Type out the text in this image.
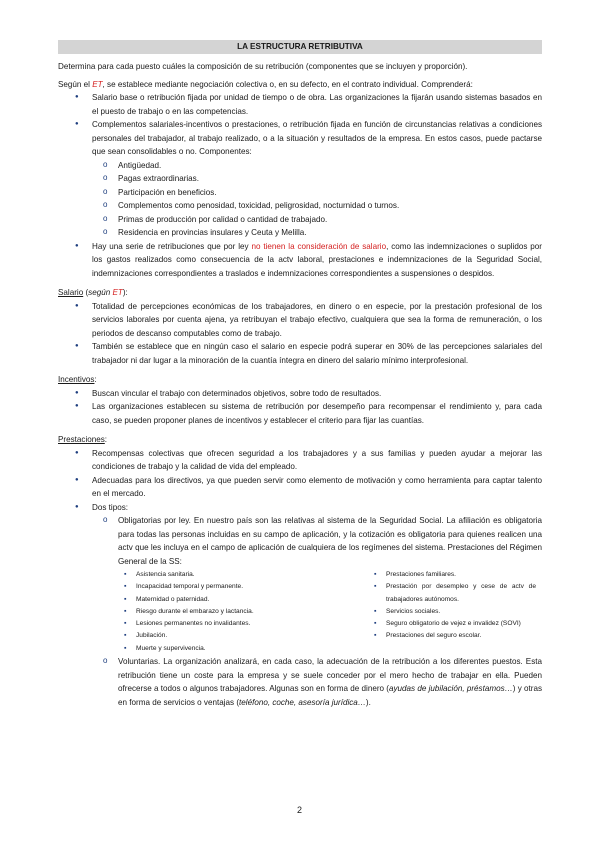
LA ESTRUCTURA RETRIBUTIVA

Determina para cada puesto cuáles la composición de su retribución (componentes que se incluyen y proporción).

Según el ET, se establece mediante negociación colectiva o, en su defecto, en el contrato individual. Comprenderá:

● Salario base o retribución fijada por unidad de tiempo o de obra. Las organizaciones la fijarán usando sistemas basados en el puesto de trabajo o en las competencias.
● Complementos salariales-incentivos o prestaciones, o retribución fijada en función de circunstancias relativas a condiciones personales del trabajador, al trabajo realizado, o a la situación y resultados de la empresa. En estos casos, puede pactarse que sean consolidables o no. Componentes:
o Antigüedad.
o Pagas extraordinarias.
o Participación en beneficios.
o Complementos como penosidad, toxicidad, peligrosidad, nocturnidad o turnos.
o Primas de producción por calidad o cantidad de trabajado.
o Residencia en provincias insulares y Ceuta y Melilla.
● Hay una serie de retribuciones que por ley no tienen la consideración de salario, como las indemnizaciones o suplidos por los gastos realizados como consecuencia de la actv laboral, prestaciones e indemnizaciones de la Seguridad Social, indemnizaciones correspondientes a traslados e indemnizaciones correspondientes a suspensiones o despidos.

Salario (según ET):

● Totalidad de percepciones económicas de los trabajadores, en dinero o en especie, por la prestación profesional de los servicios laborales por cuenta ajena, ya retribuyan el trabajo efectivo, cualquiera que sea la forma de remuneración, o los periodos de descanso computables como de trabajo.
● También se establece que en ningún caso el salario en especie podrá superar en 30% de las percepciones salariales del trabajador ni dar lugar a la minoración de la cuantía íntegra en dinero del salario mínimo interprofesional.

Incentivos:

● Buscan vincular el trabajo con determinados objetivos, sobre todo de resultados.
● Las organizaciones establecen su sistema de retribución por desempeño para recompensar el rendimiento y, para cada caso, se pueden proponer planes de incentivos y establecer el criterio para fijar las cuantías.

Prestaciones:

● Recompensas colectivas que ofrecen seguridad a los trabajadores y a sus familias y pueden ayudar a mejorar las condiciones de trabajo y la calidad de vida del empleado.
● Adecuadas para los directivos, ya que pueden servir como elemento de motivación y como herramienta para captar talento en el mercado.
● Dos tipos:
o Obligatorias por ley. En nuestro país son las relativas al sistema de la Seguridad Social. La afiliación es obligatoria para todas las personas incluidas en su campo de aplicación, y la cotización es obligatoria para quienes realicen una actv que les incluya en el campo de aplicación de cualquiera de los regímenes del sistema. Prestaciones del Régimen General de la SS:
▪ Asistencia sanitaria.
▪ Incapacidad temporal y permanente.
▪ Maternidad o paternidad.
▪ Riesgo durante el embarazo y lactancia.
▪ Lesiones permanentes no invalidantes.
▪ Jubilación.
▪ Muerte y supervivencia.
▪ Prestaciones familiares.
▪ Prestación por desempleo y cese de actv de trabajadores autónomos.
▪ Servicios sociales.
▪ Seguro obligatorio de vejez e invalidez (SOVI)
▪ Prestaciones del seguro escolar.
o Voluntarias. La organización analizará, en cada caso, la adecuación de la retribución a los diferentes puestos. Esta retribución tiene un coste para la empresa y se suele conceder por el mero hecho de trabajar en ella. Pueden ofrecerse a todos o algunos trabajadores. Algunas son en forma de dinero (ayudas de jubilación, préstamos…) y otras en forma de servicios o ventajas (teléfono, coche, asesoría jurídica…).
2
